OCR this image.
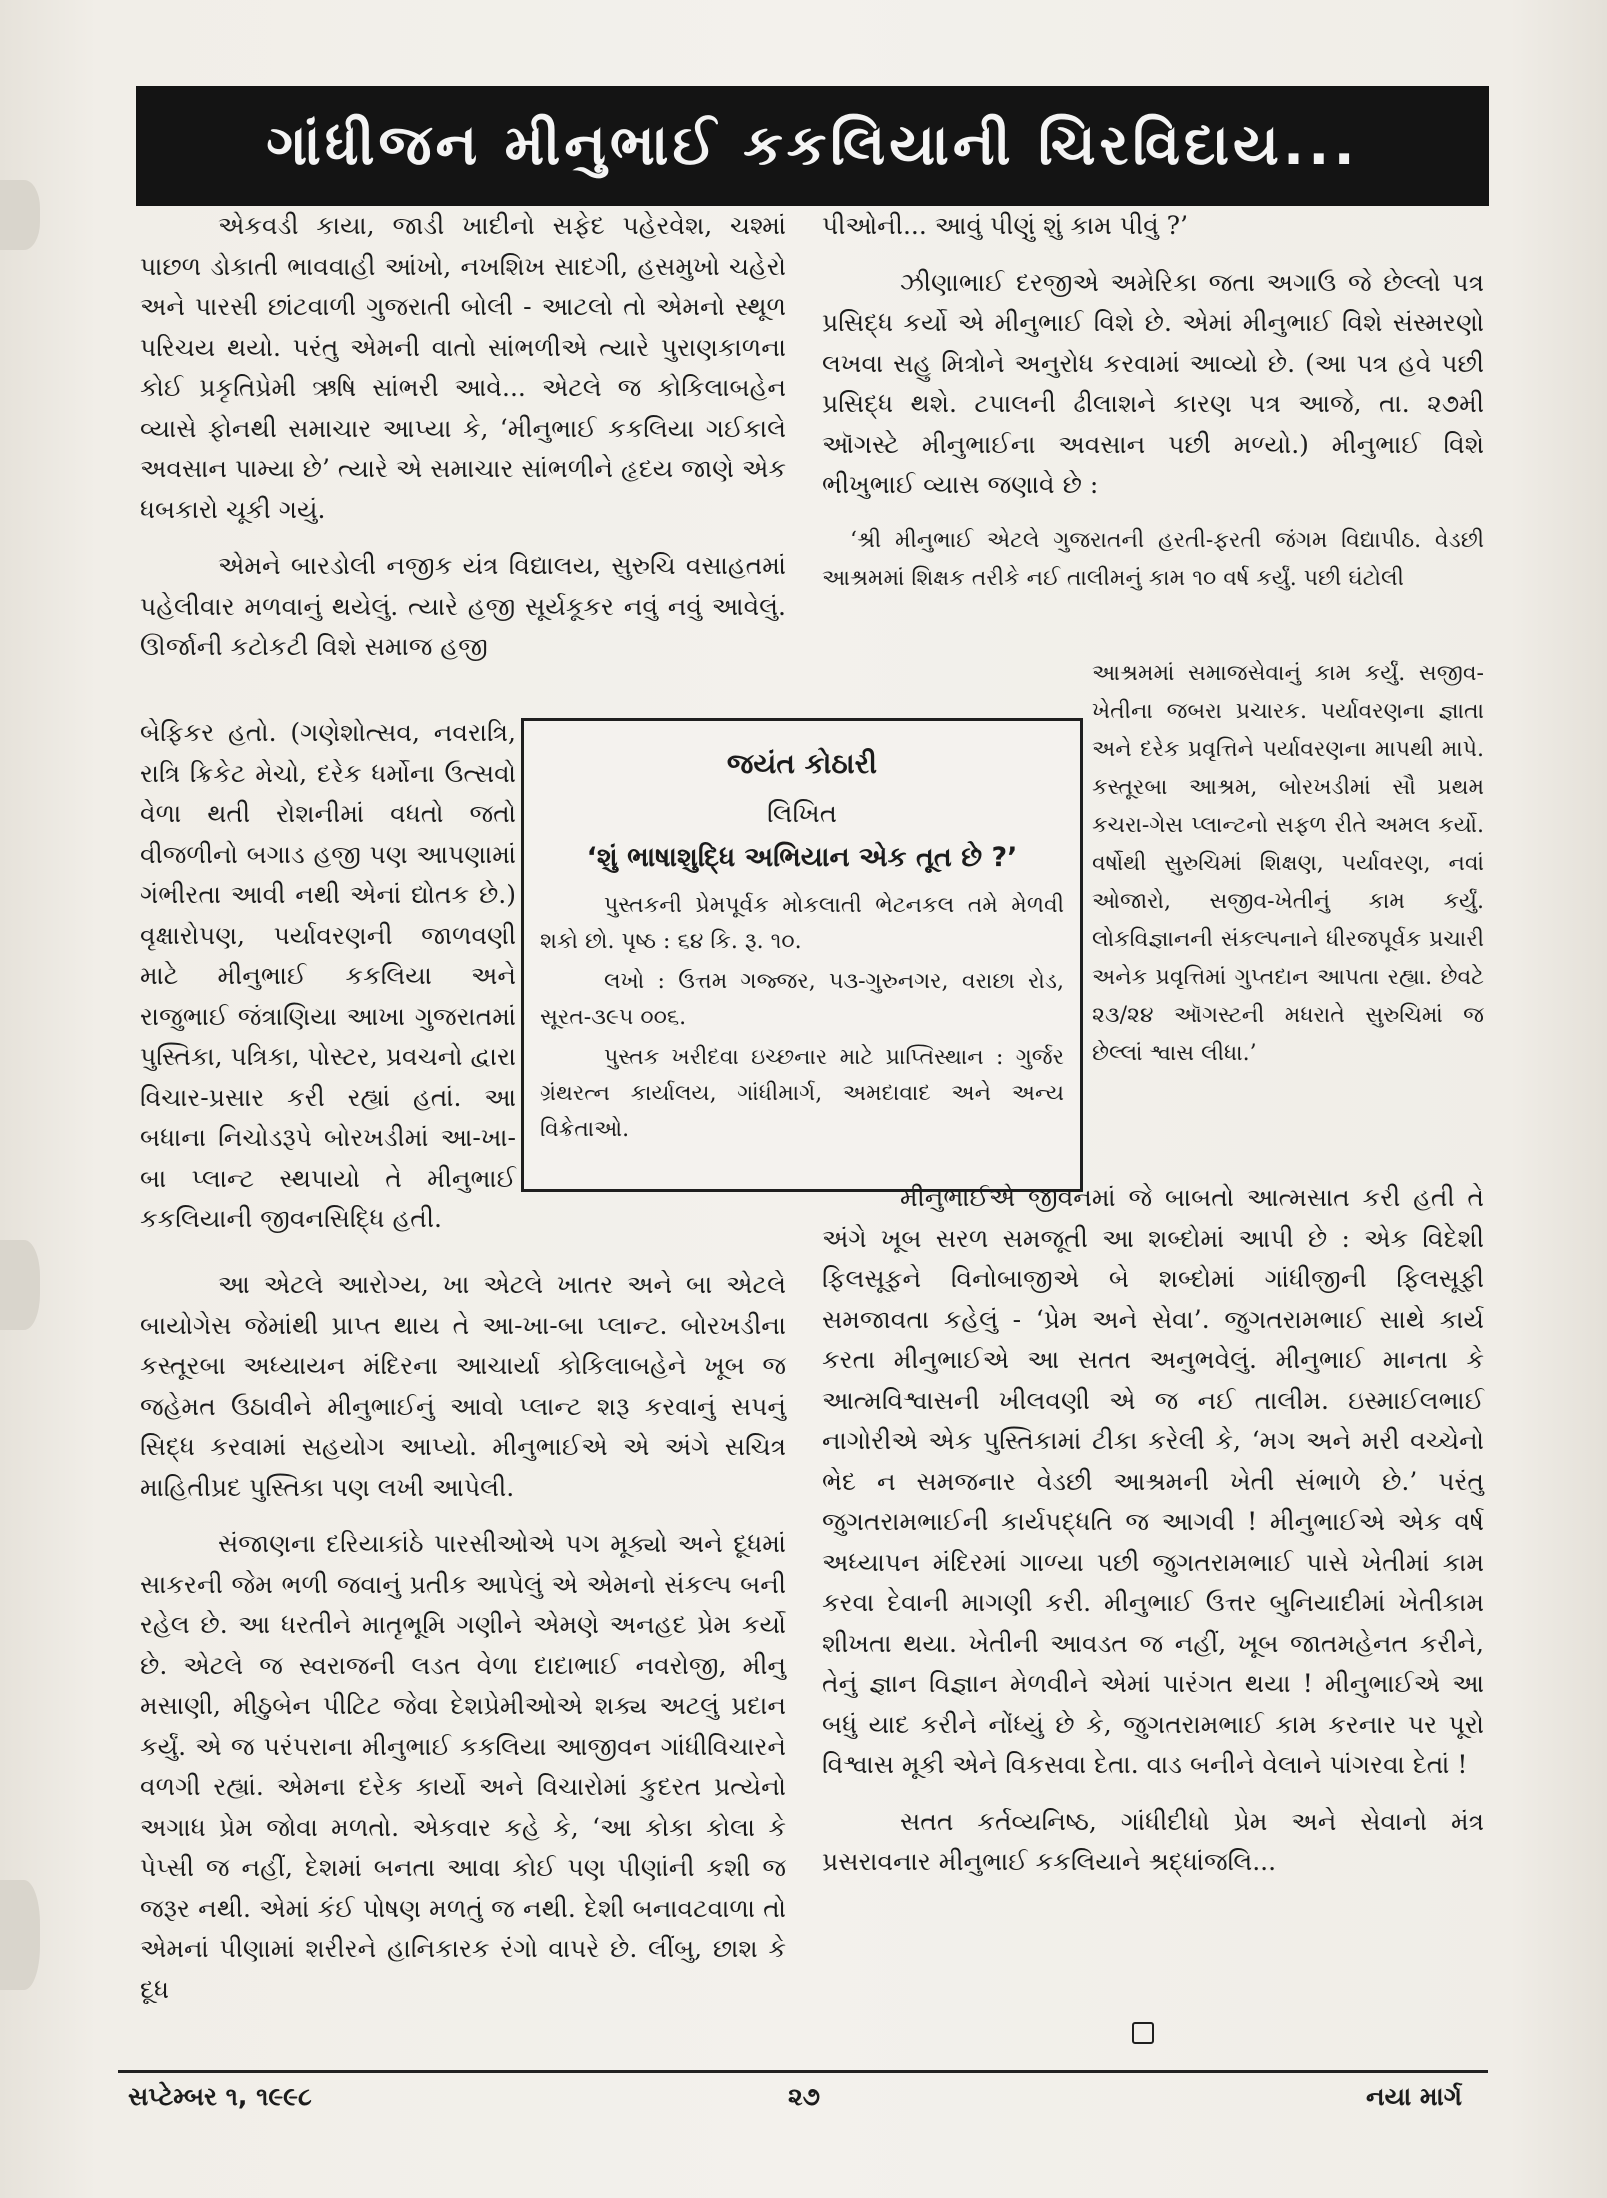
ગાંધીજન મીનુભાઈ કકલિયાની ચિરવિદાય...

એકવડી કાયા, જાડી ખાદીનો સફેદ પહેરવેશ, ચશ્માં પાછળ ડોકાતી ભાવવાહી આંખો, નખશિખ સાદગી, હસમુખો ચહેરો અને પારસી છાંટવાળી ગુજરાતી બોલી - આટલો તો એમનો સ્થૂળ પરિચય થયો. પરંતુ એમની વાતો સાંભળીએ ત્યારે પુરાણકાળના કોઈ પ્રકૃતિપ્રેમી ઋષિ સાંભરી આવે... એટલે જ કોકિલાબહેન વ્યાસે ફોનથી સમાચાર આપ્યા કે, ‘મીનુભાઈ કકલિયા ગઈકાલે અવસાન પામ્યા છે’ ત્યારે એ સમાચાર સાંભળીને હૃદય જાણે એક ધબકારો ચૂકી ગયું.

એમને બારડોલી નજીક યંત્ર વિદ્યાલય, સુરુચિ વસાહતમાં પહેલીવાર મળવાનું થયેલું. ત્યારે હજી સૂર્યકૂકર નવું નવું આવેલું. ઊર્જાની કટોકટી વિશે સમાજ હજી

બેફિકર હતો. (ગણેશોત્સવ, નવરાત્રિ, રાત્રિ ક્રિકેટ મેચો, દરેક ધર્મોના ઉત્સવો વેળા થતી રોશનીમાં વધતો જતો વીજળીનો બગાડ હજી પણ આપણામાં ગંભીરતા આવી નથી એનાં દ્યોતક છે.) વૃક્ષારોપણ, પર્યાવરણની જાળવણી માટે મીનુભાઈ કકલિયા અને રાજુભાઈ જંત્રાણિયા આખા ગુજરાતમાં પુસ્તિકા, પત્રિકા, પોસ્ટર, પ્રવચનો દ્વારા વિચાર-પ્રસાર કરી રહ્યાં હતાં. આ બધાના નિચોડરૂપે બોરખડીમાં આ-ખા-બા પ્લાન્ટ સ્થપાયો તે મીનુભાઈ કકલિયાની જીવનસિદ્ધિ હતી.

જયંત કોઠારી
લિખિત
‘શું ભાષાશુદ્ધિ અભિયાન એક તૂત છે ?’
પુસ્તકની પ્રેમપૂર્વક મોકલાતી ભેટનકલ તમે મેળવી શકો છો. પૃષ્ઠ : ૬૪ કિ. રૂ. ૧૦.
લખો : ઉત્તમ ગજ્જર, ૫૩-ગુરુનગર, વરાછા રોડ, સૂરત-૩૯૫ ૦૦૬.
પુસ્તક ખરીદવા ઇચ્છનાર માટે પ્રાપ્તિસ્થાન : ગુર્જર ગ્રંથરત્ન કાર્યાલય, ગાંધીમાર્ગ, અમદાવાદ અને અન્ય વિક્રેતાઓ.

આ એટલે આરોગ્ય, ખા એટલે ખાતર અને બા એટલે બાયોગેસ જેમાંથી પ્રાપ્ત થાય તે આ-ખા-બા પ્લાન્ટ. બોરખડીના કસ્તૂરબા અધ્યાયન મંદિરના આચાર્યા કોકિલાબહેને ખૂબ જ જહેમત ઉઠાવીને મીનુભાઈનું આવો પ્લાન્ટ શરૂ કરવાનું સપનું સિદ્ધ કરવામાં સહયોગ આપ્યો. મીનુભાઈએ એ અંગે સચિત્ર માહિતીપ્રદ પુસ્તિકા પણ લખી આપેલી.

સંજાણના દરિયાકાંઠે પારસીઓએ પગ મૂક્યો અને દૂધમાં સાકરની જેમ ભળી જવાનું પ્રતીક આપેલું એ એમનો સંકલ્પ બની રહેલ છે. આ ધરતીને માતૃભૂમિ ગણીને એમણે અનહદ પ્રેમ કર્યો છે. એટલે જ સ્વરાજની લડત વેળા દાદાભાઈ નવરોજી, મીનુ મસાણી, મીઠુબેન પીટિટ જેવા દેશપ્રેમીઓએ શક્ય અટલું પ્રદાન કર્યું. એ જ પરંપરાના મીનુભાઈ કકલિયા આજીવન ગાંધીવિચારને વળગી રહ્યાં. એમના દરેક કાર્યો અને વિચારોમાં કુદરત પ્રત્યેનો અગાધ પ્રેમ જોવા મળતો. એકવાર કહે કે, ‘આ કોકા કોલા કે પેપ્સી જ નહીં, દેશમાં બનતા આવા કોઈ પણ પીણાંની કશી જ જરૂર નથી. એમાં કંઈ પોષણ મળતું જ નથી. દેશી બનાવટવાળા તો એમનાં પીણામાં શરીરને હાનિકારક રંગો વાપરે છે. લીંબુ, છાશ કે દૂધ

પીઓની... આવું પીણું શું કામ પીવું ?’

ઝીણાભાઈ દરજીએ અમેરિકા જતા અગાઉ જે છેલ્લો પત્ર પ્રસિદ્ધ કર્યો એ મીનુભાઈ વિશે છે. એમાં મીનુભાઈ વિશે સંસ્મરણો લખવા સહુ મિત્રોને અનુરોધ કરવામાં આવ્યો છે. (આ પત્ર હવે પછી પ્રસિદ્ધ થશે. ટપાલની ઢીલાશને કારણ પત્ર આજે, તા. ૨૭મી ઑગસ્ટે મીનુભાઈના અવસાન પછી મળ્યો.) મીનુભાઈ વિશે ભીખુભાઈ વ્યાસ જણાવે છે :

‘શ્રી મીનુભાઈ એટલે ગુજરાતની હરતી-ફરતી જંગમ વિદ્યાપીઠ. વેડછી આશ્રમમાં શિક્ષક તરીકે નઈ તાલીમનું કામ ૧૦ વર્ષ કર્યું. પછી ઘંટોલી

આશ્રમમાં સમાજસેવાનું કામ કર્યું. સજીવ-ખેતીના જબરા પ્રચારક. પર્યાવરણના જ્ઞાતા અને દરેક પ્રવૃત્તિને પર્યાવરણના માપથી માપે. કસ્તૂરબા આશ્રમ, બોરખડીમાં સૌ પ્રથમ કચરા-ગેસ પ્લાન્ટનો સફળ રીતે અમલ કર્યો. વર્ષોથી સુરુચિમાં શિક્ષણ, પર્યાવરણ, નવાં ઓજારો, સજીવ-ખેતીનું કામ કર્યું. લોકવિજ્ઞાનની સંકલ્પનાને ધીરજપૂર્વક પ્રચારી અનેક પ્રવૃત્તિમાં ગુપ્તદાન આપતા રહ્યા. છેવટે ૨૩/૨૪ ઑગસ્ટની મધરાતે સુરુચિમાં જ છેલ્લાં શ્વાસ લીધા.’

મીનુભાઈએ જીવનમાં જે બાબતો આત્મસાત કરી હતી તે અંગે ખૂબ સરળ સમજૂતી આ શબ્દોમાં આપી છે : એક વિદેશી ફિલસૂફને વિનોબાજીએ બે શબ્દોમાં ગાંધીજીની ફિલસૂફી સમજાવતા કહેલું - ‘પ્રેમ અને સેવા’. જુગતરામભાઈ સાથે કાર્ય કરતા મીનુભાઈએ આ સતત અનુભવેલું. મીનુભાઈ માનતા કે આત્મવિશ્વાસની ખીલવણી એ જ નઈ તાલીમ. ઇસ્માઈલભાઈ નાગોરીએ એક પુસ્તિકામાં ટીકા કરેલી કે, ‘મગ અને મરી વચ્ચેનો ભેદ ન સમજનાર વેડછી આશ્રમની ખેતી સંભાળે છે.’ પરંતુ જુગતરામભાઈની કાર્યપદ્ધતિ જ આગવી ! મીનુભાઈએ એક વર્ષ અધ્યાપન મંદિરમાં ગાળ્યા પછી જુગતરામભાઈ પાસે ખેતીમાં કામ કરવા દેવાની માગણી કરી. મીનુભાઈ ઉત્તર બુનિયાદીમાં ખેતીકામ શીખતા થયા. ખેતીની આવડત જ નહીં, ખૂબ જાતમહેનત કરીને, તેનું જ્ઞાન વિજ્ઞાન મેળવીને એમાં પારંગત થયા ! મીનુભાઈએ આ બધું યાદ કરીને નોંધ્યું છે કે, જુગતરામભાઈ કામ કરનાર પર પૂરો વિશ્વાસ મૂકી એને વિકસવા દેતા. વાડ બનીને વેલાને પાંગરવા દેતાં !

સતત કર્તવ્યનિષ્ઠ, ગાંધીદીધો પ્રેમ અને સેવાનો મંત્ર પ્રસરાવનાર મીનુભાઈ કકલિયાને શ્રદ્ધાંજલિ...

સપ્ટેમ્બર ૧, ૧૯૯૮	૨૭	નયા માર્ગ
